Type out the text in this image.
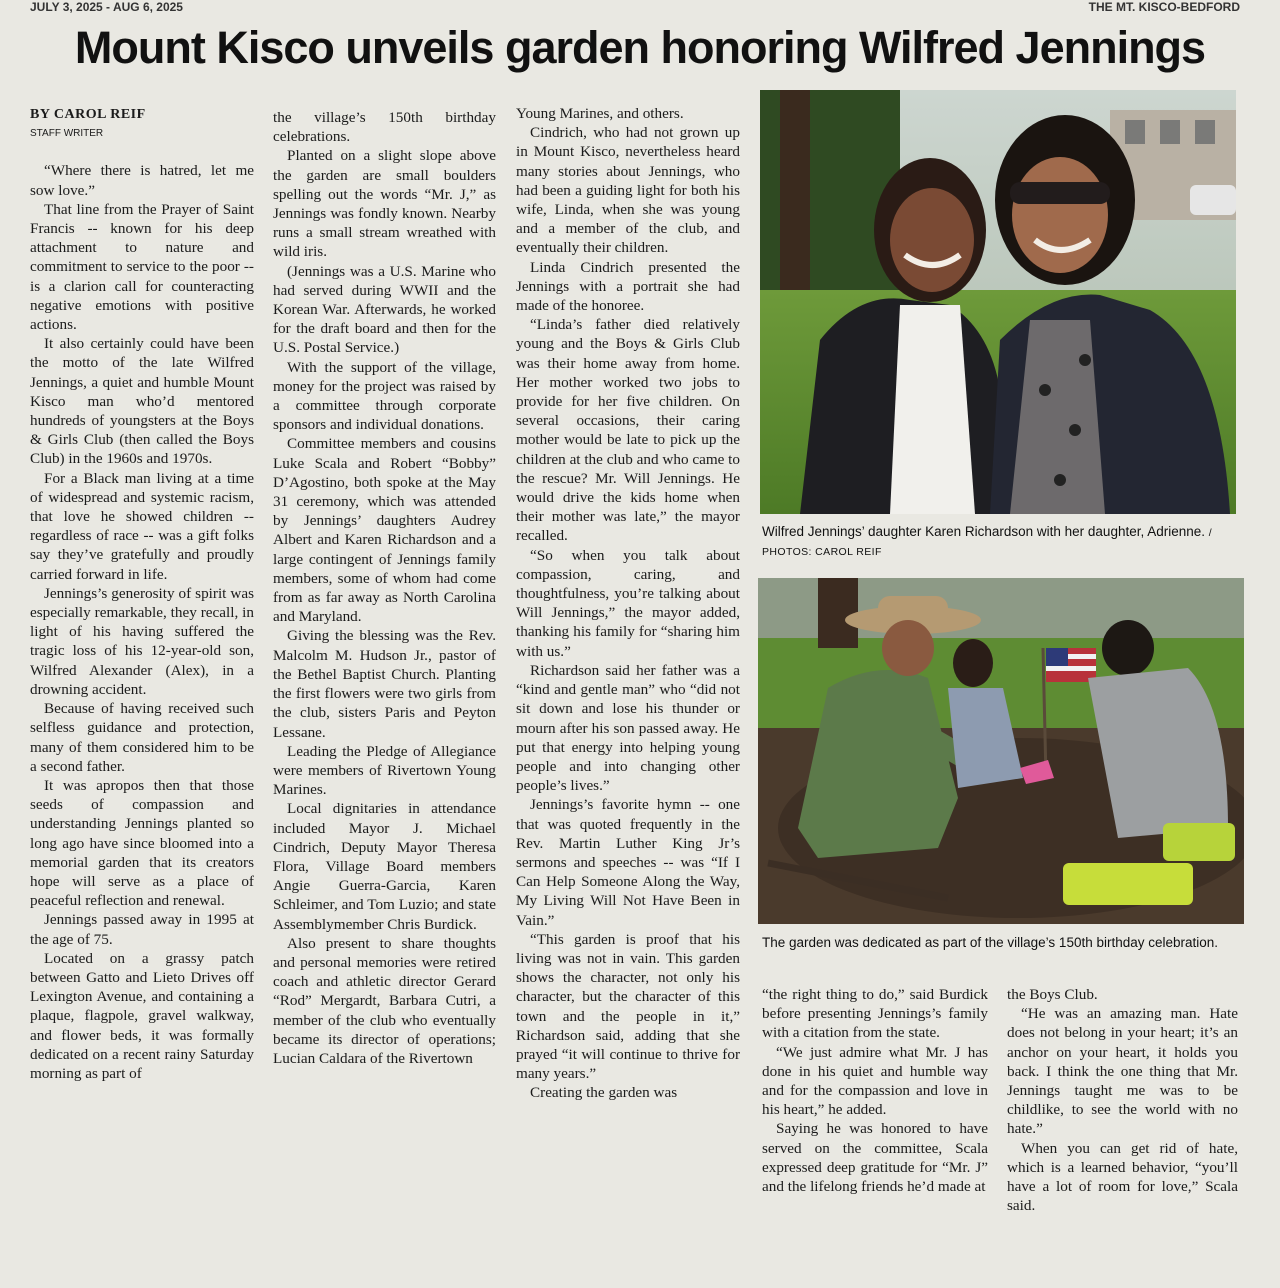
JULY 3, 2025 - AUG 6, 2025	THE MT. KISCO-BEDFORD
Mount Kisco unveils garden honoring Wilfred Jennings
BY CAROL REIF
STAFF WRITER

“Where there is hatred, let me sow love.”

That line from the Prayer of Saint Francis -- known for his deep attachment to nature and commitment to service to the poor -- is a clarion call for counteracting negative emotions with positive actions.

It also certainly could have been the motto of the late Wilfred Jennings, a quiet and humble Mount Kisco man who’d mentored hundreds of youngsters at the Boys & Girls Club (then called the Boys Club) in the 1960s and 1970s.

For a Black man living at a time of widespread and systemic racism, that love he showed children -- regardless of race -- was a gift folks say they’ve gratefully and proudly carried forward in life.

Jennings’s generosity of spirit was especially remarkable, they recall, in light of his having suffered the tragic loss of his 12-year-old son, Wilfred Alexander (Alex), in a drowning accident.

Because of having received such selfless guidance and protection, many of them considered him to be a second father.

It was apropos then that those seeds of compassion and understanding Jennings planted so long ago have since bloomed into a memorial garden that its creators hope will serve as a place of peaceful reflection and renewal.

Jennings passed away in 1995 at the age of 75.

Located on a grassy patch between Gatto and Lieto Drives off Lexington Avenue, and containing a plaque, flagpole, gravel walkway, and flower beds, it was formally dedicated on a recent rainy Saturday morning as part of

the village’s 150th birthday celebrations.

Planted on a slight slope above the garden are small boulders spelling out the words “Mr. J,” as Jennings was fondly known. Nearby runs a small stream wreathed with wild iris.

(Jennings was a U.S. Marine who had served during WWII and the Korean War. Afterwards, he worked for the draft board and then for the U.S. Postal Service.)

With the support of the village, money for the project was raised by a committee through corporate sponsors and individual donations.

Committee members and cousins Luke Scala and Robert “Bobby” D’Agostino, both spoke at the May 31 ceremony, which was attended by Jennings’ daughters Audrey Albert and Karen Richardson and a large contingent of Jennings family members, some of whom had come from as far away as North Carolina and Maryland.

Giving the blessing was the Rev. Malcolm M. Hudson Jr., pastor of the Bethel Baptist Church. Planting the first flowers were two girls from the club, sisters Paris and Peyton Lessane.

Leading the Pledge of Allegiance were members of Rivertown Young Marines.

Local dignitaries in attendance included Mayor J. Michael Cindrich, Deputy Mayor Theresa Flora, Village Board members Angie Guerra-Garcia, Karen Schleimer, and Tom Luzio; and state Assemblymember Chris Burdick.

Also present to share thoughts and personal memories were retired coach and athletic director Gerard “Rod” Mergardt, Barbara Cutri, a member of the club who eventually became its director of operations; Lucian Caldara of the Rivertown

Young Marines, and others.

Cindrich, who had not grown up in Mount Kisco, nevertheless heard many stories about Jennings, who had been a guiding light for both his wife, Linda, when she was young and a member of the club, and eventually their children.

Linda Cindrich presented the Jennings with a portrait she had made of the honoree.

“Linda’s father died relatively young and the Boys & Girls Club was their home away from home. Her mother worked two jobs to provide for her five children. On several occasions, their caring mother would be late to pick up the children at the club and who came to the rescue? Mr. Will Jennings. He would drive the kids home when their mother was late,” the mayor recalled.

“So when you talk about compassion, caring, and thoughtfulness, you’re talking about Will Jennings,” the mayor added, thanking his family for “sharing him with us.”

Richardson said her father was a “kind and gentle man” who “did not sit down and lose his thunder or mourn after his son passed away. He put that energy into helping young people and into changing other people’s lives.”

Jennings’s favorite hymn -- one that was quoted frequently in the Rev. Martin Luther King Jr’s sermons and speeches -- was “If I Can Help Someone Along the Way, My Living Will Not Have Been in Vain.”

“This garden is proof that his living was not in vain. This garden shows the character, not only his character, but the character of this town and the people in it,” Richardson said, adding that she prayed “it will continue to thrive for many years.”

Creating the garden was

Wilfred Jennings’ daughter Karen Richardson with her daughter, Adrienne. / PHOTOS: CAROL REIF
The garden was dedicated as part of the village’s 150th birthday celebration.

“the right thing to do,” said Burdick before presenting Jennings’s family with a citation from the state.

“We just admire what Mr. J has done in his quiet and humble way and for the compassion and love in his heart,” he added.

Saying he was honored to have served on the committee, Scala expressed deep gratitude for “Mr. J” and the lifelong friends he’d made at

the Boys Club.

“He was an amazing man. Hate does not belong in your heart; it’s an anchor on your heart, it holds you back. I think the one thing that Mr. Jennings taught me was to be childlike, to see the world with no hate.”

When you can get rid of hate, which is a learned behavior, “you’ll have a lot of room for love,” Scala said.
